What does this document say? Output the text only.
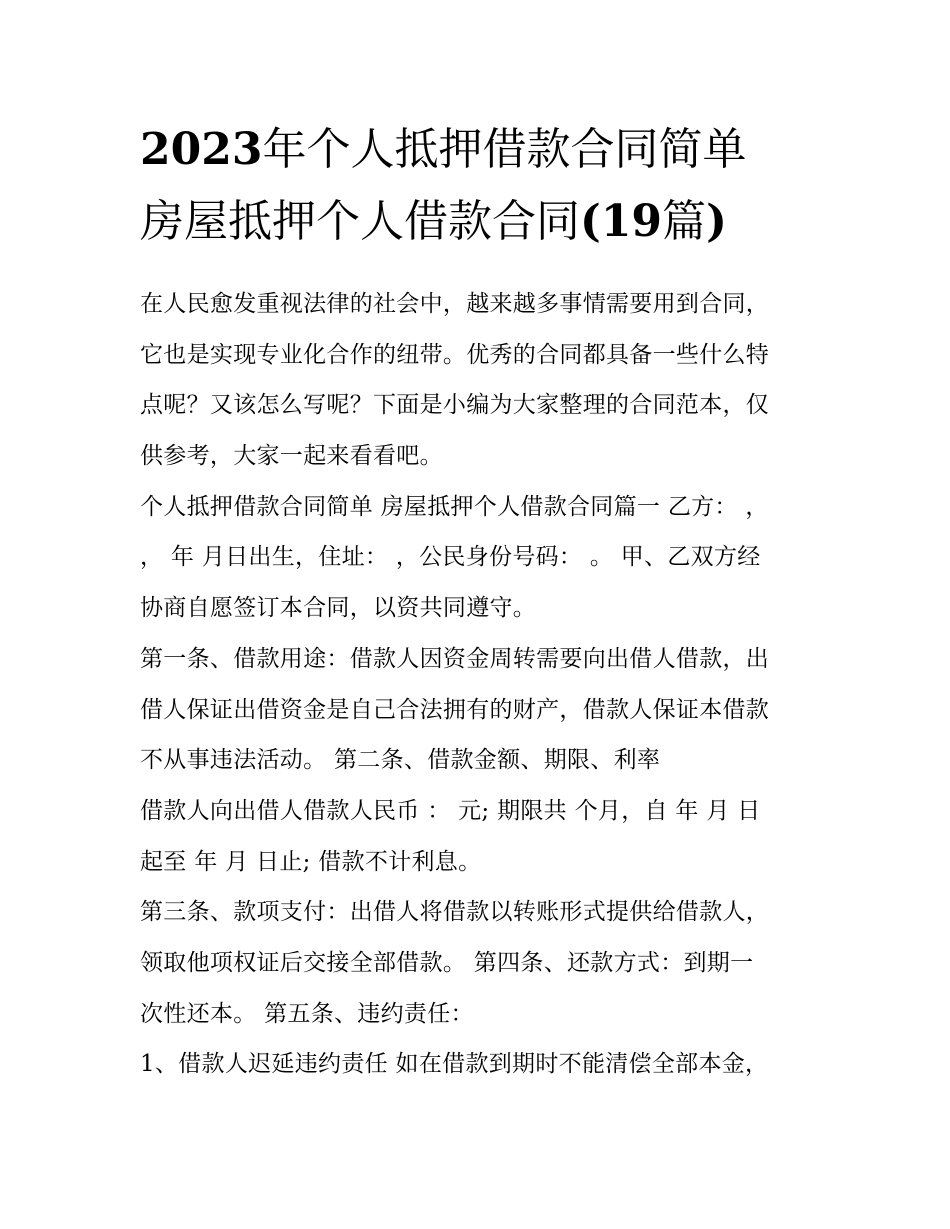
2023年个人抵押借款合同简单
房屋抵押个人借款合同(19篇)
在人民愈发重视法律的社会中，越来越多事情需要用到合同，
它也是实现专业化合作的纽带。优秀的合同都具备一些什么特
点呢？又该怎么写呢？下面是小编为大家整理的合同范本，仅
供参考，大家一起来看看吧。
个人抵押借款合同简单 房屋抵押个人借款合同篇一 乙方： ，
， 年 月日出生，住址： ，公民身份号码： 。 甲、乙双方经
协商自愿签订本合同，以资共同遵守。
第一条、借款用途：借款人因资金周转需要向出借人借款，出
借人保证出借资金是自己合法拥有的财产，借款人保证本借款
不从事违法活动。 第二条、借款金额、期限、利率
借款人向出借人借款人民币 ： 元; 期限共 个月，自 年 月 日
起至 年 月 日止; 借款不计利息。
第三条、款项支付：出借人将借款以转账形式提供给借款人，
领取他项权证后交接全部借款。 第四条、还款方式：到期一
次性还本。 第五条、违约责任：
1、借款人迟延违约责任 如在借款到期时不能清偿全部本金，
